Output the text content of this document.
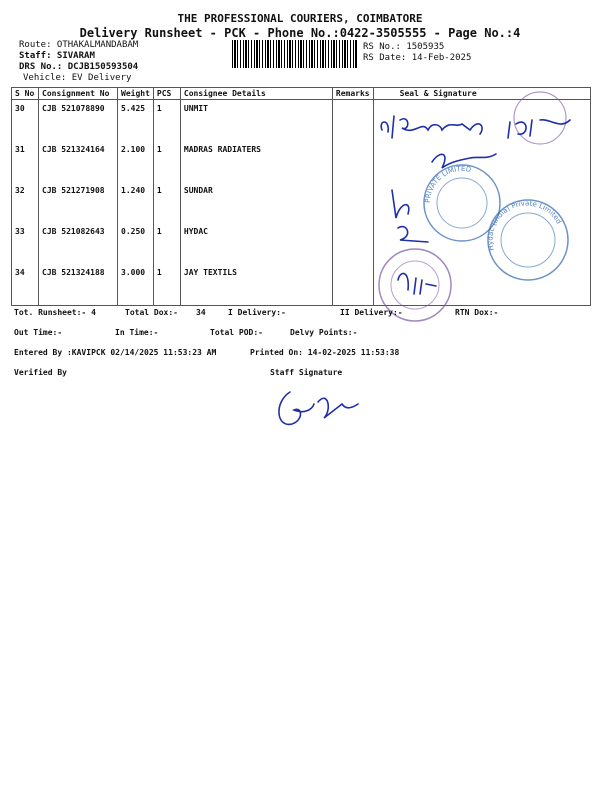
THE PROFESSIONAL COURIERS, COIMBATORE
Delivery Runsheet - PCK - Phone No.:0422-3505555 - Page No.:4
Route: OTHAKALMANDABAM
Staff: SIVARAM
DRS No.: DCJB150593504
Vehicle: EV Delivery
RS No.: 1505935
RS Date: 14-Feb-2025
S No	Consignment No	Weight	PCS	Consignee Details	Remarks	Seal & Signature
30	CJB 521078890	5.425	1	UNMIT		
31	CJB 521324164	2.100	1	MADRAS RADIATERS		
32	CJB 521271908	1.240	1	SUNDAR		
33	CJB 521082643	0.250	1	HYDAC		
34	CJB 521324188	3.000	1	JAY TEXTILS		
PRIVATE LIMITED
Hydac (India) Private Limited
Tot. Runsheet:- 4	Total Dox:- 34	I Delivery:-	II Delivery:-	RTN Dox:-
Out Time:-	In Time:-	Total POD:-	Delvy Points:-
Entered By :KAVIPCK 02/14/2025 11:53:23 AM	Printed On: 14-02-2025 11:53:38
Verified By	Staff Signature
